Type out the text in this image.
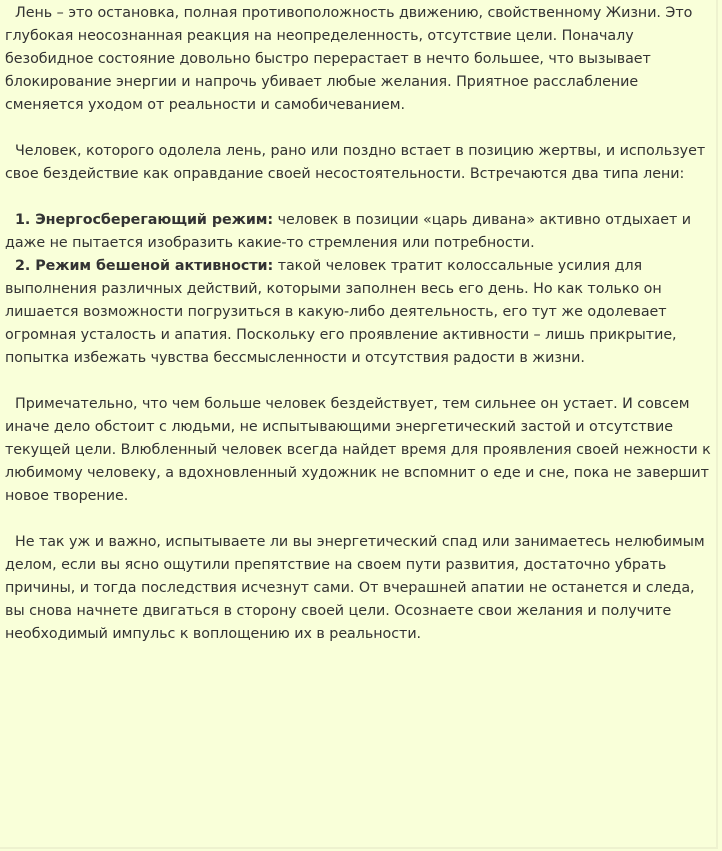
Лень – это остановка, полная противоположность движению, свойственному Жизни. Это глубокая неосознанная реакция на неопределенность, отсутствие цели. Поначалу безобидное состояние довольно быстро перерастает в нечто большее, что вызывает блокирование энергии и напрочь убивает любые желания. Приятное расслабление сменяется уходом от реальности и самобичеванием.

Человек, которого одолела лень, рано или поздно встает в позицию жертвы, и использует свое бездействие как оправдание своей несостоятельности. Встречаются два типа лени:

1. Энергосберегающий режим: человек в позиции «царь дивана» активно отдыхает и даже не пытается изобразить какие-то стремления или потребности.

2. Режим бешеной активности: такой человек тратит колоссальные усилия для выполнения различных действий, которыми заполнен весь его день. Но как только он лишается возможности погрузиться в какую-либо деятельность, его тут же одолевает огромная усталость и апатия. Поскольку его проявление активности – лишь прикрытие, попытка избежать чувства бессмысленности и отсутствия радости в жизни.

Примечательно, что чем больше человек бездействует, тем сильнее он устает. И совсем иначе дело обстоит с людьми, не испытывающими энергетический застой и отсутствие текущей цели. Влюбленный человек всегда найдет время для проявления своей нежности к любимому человеку, а вдохновленный художник не вспомнит о еде и сне, пока не завершит новое творение.

Не так уж и важно, испытываете ли вы энергетический спад или занимаетесь нелюбимым делом, если вы ясно ощутили препятствие на своем пути развития, достаточно убрать причины, и тогда последствия исчезнут сами. От вчерашней апатии не останется и следа, вы снова начнете двигаться в сторону своей цели. Осознаете свои желания и получите необходимый импульс к воплощению их в реальности.
